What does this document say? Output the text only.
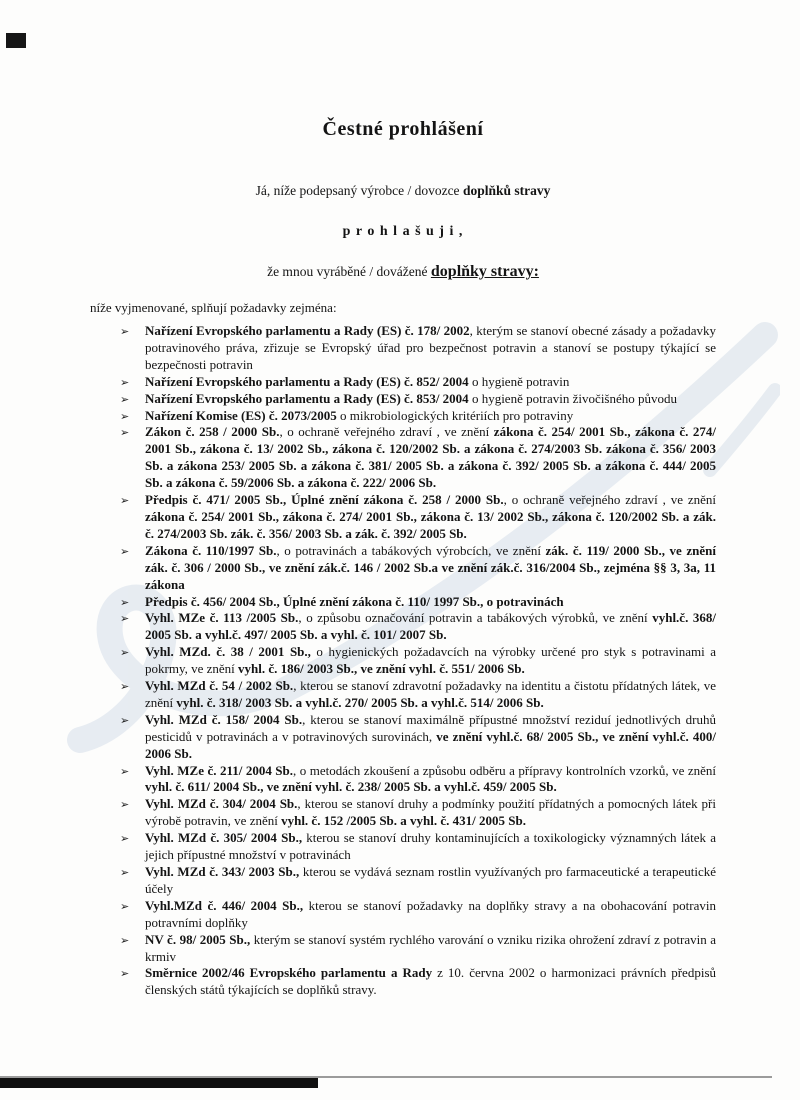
Čestné prohlášení

Já, níže podepsaný výrobce / dovozce doplňků stravy

p r o h l a š u j i ,

že mnou vyráběné / dovážené doplňky stravy:

níže vyjmenované, splňují požadavky zejména:

➢ Nařízení Evropského parlamentu a Rady (ES) č. 178/ 2002, kterým se stanoví obecné zásady a požadavky potravinového práva, zřizuje se Evropský úřad pro bezpečnost potravin a stanoví se postupy týkající se bezpečnosti potravin
➢ Nařízení Evropského parlamentu a Rady (ES) č. 852/ 2004 o hygieně potravin
➢ Nařízení Evropského parlamentu a Rady (ES) č. 853/ 2004 o hygieně potravin živočišného původu
➢ Nařízení Komise (ES) č. 2073/2005 o mikrobiologických kritériích pro potraviny
➢ Zákon č. 258 / 2000 Sb., o ochraně veřejného zdraví , ve znění zákona č. 254/ 2001 Sb., zákona č. 274/ 2001 Sb., zákona č. 13/ 2002 Sb., zákona č. 120/2002 Sb. a zákona č. 274/2003 Sb. zákona č. 356/ 2003 Sb. a zákona 253/ 2005 Sb. a zákona č. 381/ 2005 Sb. a zákona č. 392/ 2005 Sb. a zákona č. 444/ 2005 Sb. a zákona č. 59/2006 Sb. a zákona č. 222/ 2006 Sb.
➢ Předpis č. 471/ 2005 Sb., Úplné znění zákona č. 258 / 2000 Sb., o ochraně veřejného zdraví , ve znění zákona č. 254/ 2001 Sb., zákona č. 274/ 2001 Sb., zákona č. 13/ 2002 Sb., zákona č. 120/2002 Sb. a zák. č. 274/2003 Sb. zák. č. 356/ 2003 Sb. a zák. č. 392/ 2005 Sb.
➢ Zákona č. 110/1997 Sb., o potravinách a tabákových výrobcích, ve znění zák. č. 119/ 2000 Sb., ve znění zák. č. 306 / 2000 Sb., ve znění zák.č. 146 / 2002 Sb.a ve znění zák.č. 316/2004 Sb., zejména §§ 3, 3a, 11 zákona
➢ Předpis č. 456/ 2004 Sb., Úplné znění zákona č. 110/ 1997 Sb., o potravinách
➢ Vyhl. MZe č. 113 /2005 Sb., o způsobu označování potravin a tabákových výrobků, ve znění vyhl.č. 368/ 2005 Sb. a vyhl.č. 497/ 2005 Sb. a vyhl. č. 101/ 2007 Sb.
➢ Vyhl. MZd. č. 38 / 2001 Sb., o hygienických požadavcích na výrobky určené pro styk s potravinami a pokrmy, ve znění vyhl. č. 186/ 2003 Sb., ve znění vyhl. č. 551/ 2006 Sb.
➢ Vyhl. MZd č. 54 / 2002 Sb., kterou se stanoví zdravotní požadavky na identitu a čistotu přídatných látek, ve znění vyhl. č. 318/ 2003 Sb. a vyhl.č. 270/ 2005 Sb. a vyhl.č. 514/ 2006 Sb.
➢ Vyhl. MZd č. 158/ 2004 Sb., kterou se stanoví maximálně přípustné množství reziduí jednotlivých druhů pesticidů v potravinách a v potravinových surovinách, ve znění vyhl.č. 68/ 2005 Sb., ve znění vyhl.č. 400/ 2006 Sb.
➢ Vyhl. MZe č. 211/ 2004 Sb., o metodách zkoušení a způsobu odběru a přípravy kontrolních vzorků, ve znění vyhl. č. 611/ 2004 Sb., ve znění vyhl. č. 238/ 2005 Sb. a vyhl.č. 459/ 2005 Sb.
➢ Vyhl. MZd č. 304/ 2004 Sb., kterou se stanoví druhy a podmínky použití přídatných a pomocných látek při výrobě potravin, ve znění vyhl. č. 152 /2005 Sb. a vyhl. č. 431/ 2005 Sb.
➢ Vyhl. MZd č. 305/ 2004 Sb., kterou se stanoví druhy kontaminujících a toxikologicky významných látek a jejich přípustné množství v potravinách
➢ Vyhl. MZd č. 343/ 2003 Sb., kterou se vydává seznam rostlin využívaných pro farmaceutické a terapeutické účely
➢ Vyhl.MZd č. 446/ 2004 Sb., kterou se stanoví požadavky na doplňky stravy a na obohacování potravin potravními doplňky
➢ NV č. 98/ 2005 Sb., kterým se stanoví systém rychlého varování o vzniku rizika ohrožení zdraví z potravin a krmiv
➢ Směrnice 2002/46 Evropského parlamentu a Rady z 10. června 2002 o harmonizaci právních předpisů členských států týkajících se doplňků stravy.
